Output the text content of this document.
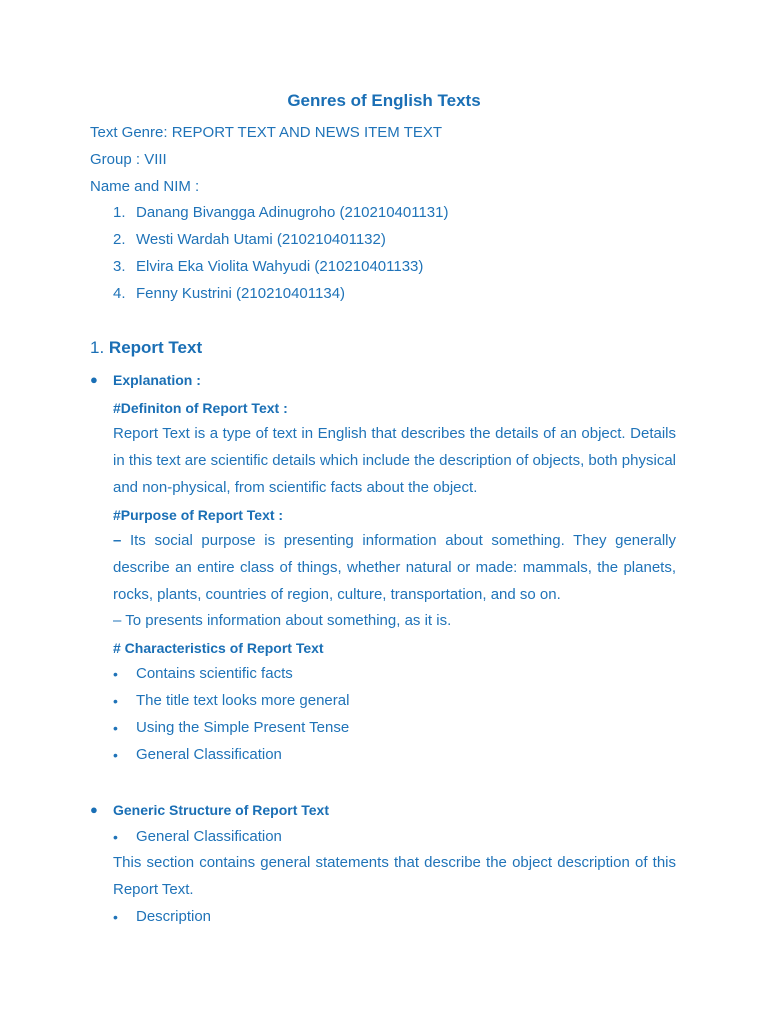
Genres of English Texts
Text Genre: REPORT TEXT AND NEWS ITEM TEXT
Group : VIII
Name and NIM :
1. Danang Bivangga Adinugroho (210210401131)
2. Westi Wardah Utami (210210401132)
3. Elvira Eka Violita Wahyudi (210210401133)
4. Fenny Kustrini (210210401134)
1. Report Text
● Explanation :
#Definiton of Report Text :
Report Text is a type of text in English that describes the details of an object. Details in this text are scientific details which include the description of objects, both physical and non-physical, from scientific facts about the object.
#Purpose of Report Text :
– Its social purpose is presenting information about something. They generally describe an entire class of things, whether natural or made: mammals, the planets, rocks, plants, countries of region, culture, transportation, and so on.
– To presents information about something, as it is.
# Characteristics of Report Text
• Contains scientific facts
• The title text looks more general
• Using the Simple Present Tense
• General Classification
● Generic Structure of Report Text
• General Classification
This section contains general statements that describe the object description of this Report Text.
• Description
